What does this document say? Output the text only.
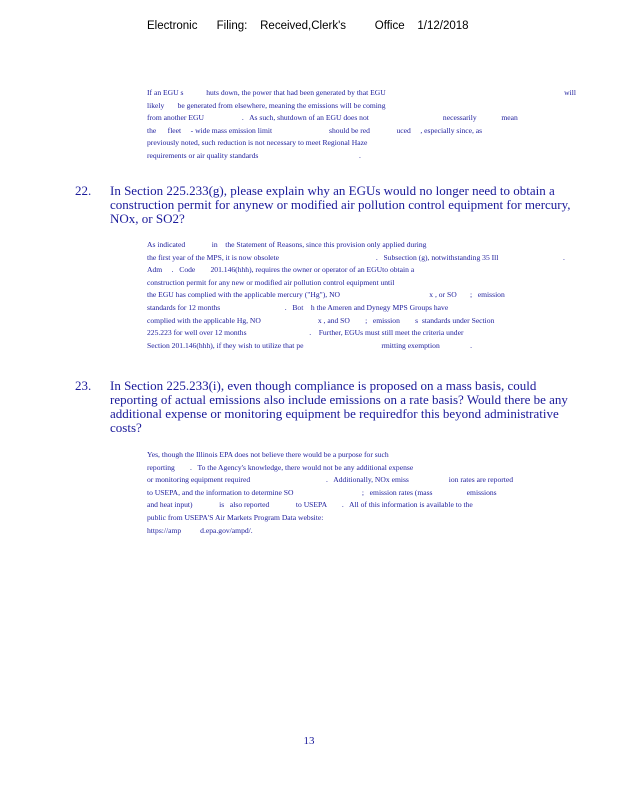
Electronic      Filing:    Received,Clerk's         Office    1/12/2018
If an EGU s            huts down, the power that had been generated by that EGU                                                                                              will
likely       be generated from elsewhere, meaning the emissions will be coming
from another EGU                    .   As such, shutdown of an EGU does not                                       necessarily             mean
the      fleet     - wide mass emission limit                              should be red              uced     , especially since, as
previously noted, such reduction is not necessary to meet Regional Haze
requirements or air quality standards                                                     .
22. In Section 225.233(g), please explain why an EGUs would no longer need to obtain a
construction permit for anynew or modified air pollution control equipment for mercury,
NOx, or SO2?
As indicated              in    the Statement of Reasons, since this provision only applied during
the first year of the MPS, it is now obsolete                                                   .   Subsection (g), notwithstanding 35 Ill                                  .
Adm     .   Code        201.146(hhh), requires the owner or operator of an EGUto obtain a
construction permit for any new or modified air pollution control equipment until
the EGU has complied with the applicable mercury ("Hg"), NO                                               x , or SO       ;   emission
standards for 12 months                                  .   Bot    h the Ameren and Dynegy MPS Groups have
complied with the applicable Hg, NO                              x , and SO        ;   emission        s  standards under Section
225.223 for well over 12 months                                 .    Further, EGUs must still meet the criteria under
Section 201.146(hhh), if they wish to utilize that pe                                         rmitting exemption                .
23. In Section 225.233(i), even though compliance is proposed on a mass basis, could
reporting of actual emissions also include emissions on a rate basis? Would there be any
additional expense or monitoring equipment be requiredfor this beyond administrative
costs?
Yes, though the Illinois EPA does not believe there would be a purpose for such
reporting        .   To the Agency's knowledge, there would not be any additional expense
or monitoring equipment required                                        .   Additionally, NOx emiss                     ion rates are reported
to USEPA, and the information to determine SO                                    ;   emission rates (mass                  emissions
and heat input)              is   also reported              to USEPA        .   All of this information is available to the
public from USEPA'S Air Markets Program Data website:
https://amp          d.epa.gov/ampd/.
13
